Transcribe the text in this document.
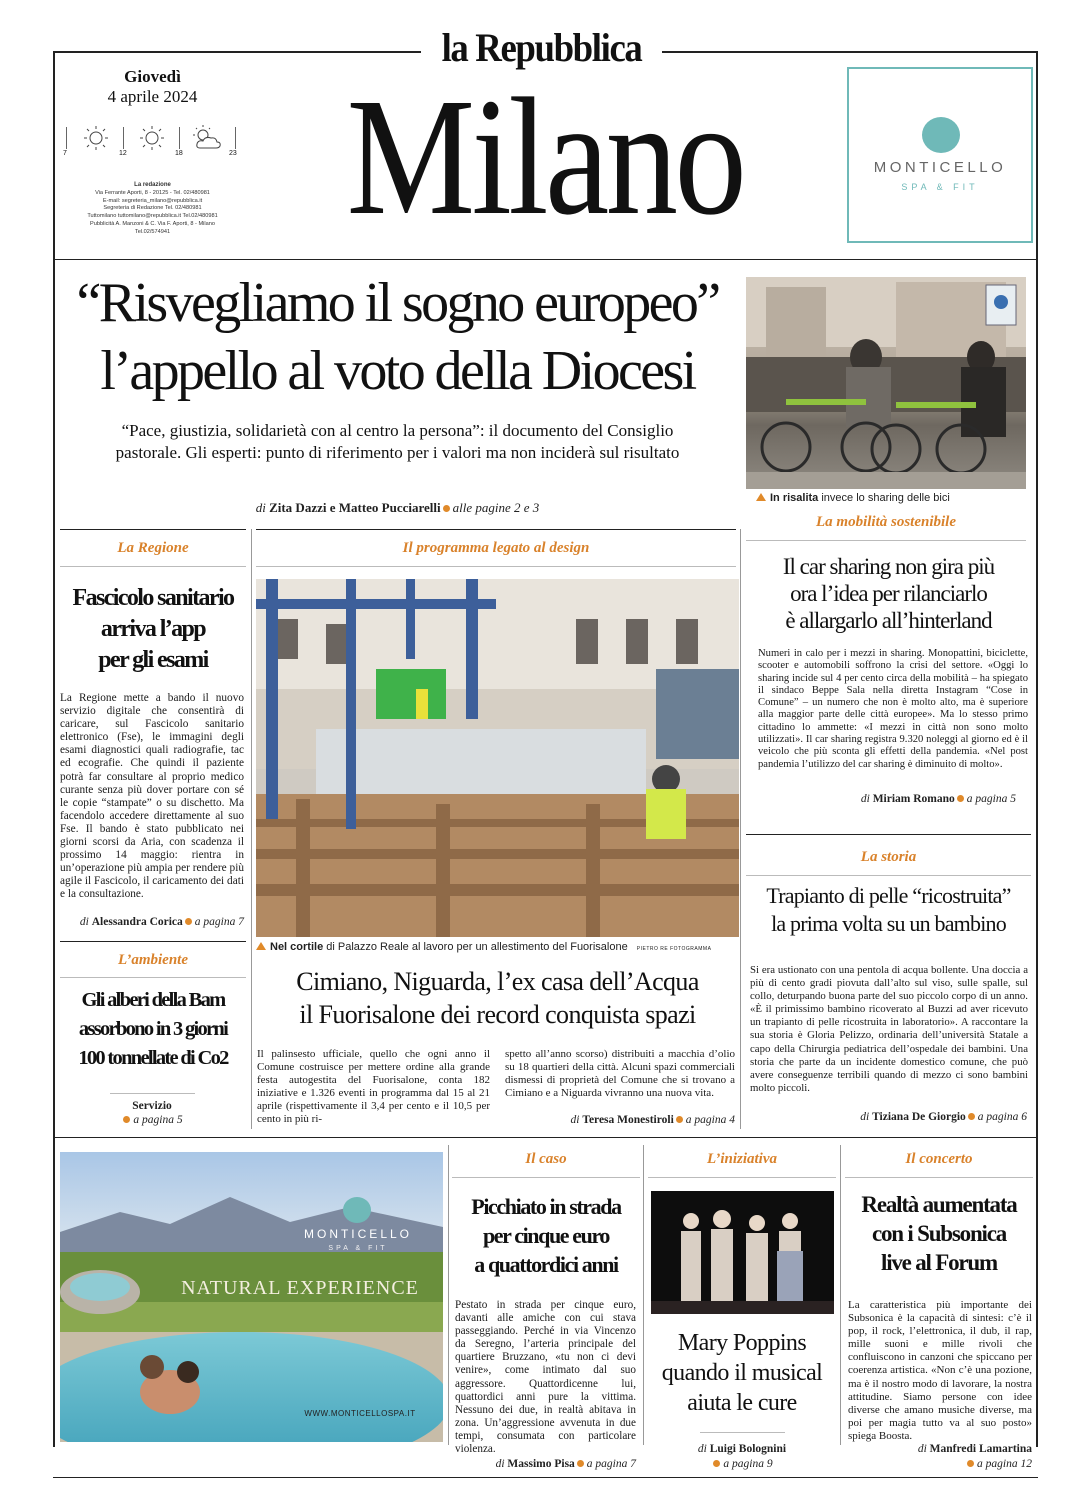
la Repubblica
Milano
Giovedì
4 aprile 2024
7	12	18	23
La redazione
Via Ferrante Aporti, 8 - 20125 - Tel. 02/480981
E-mail: segreteria_milano@repubblica.it
Segreteria di Redazione Tel. 02/480981
Tuttomilano tuttomilano@repubblica.it Tel.02/480981
Pubblicità A. Manzoni & C. Via F. Aporti, 8 - Milano
Tel.02/574941
MONTICELLO
SPA & FIT
“Risvegliamo il sogno europeo”
l’appello al voto della Diocesi
“Pace, giustizia, solidarietà con al centro la persona”: il documento del Consiglio
pastorale. Gli esperti: punto di riferimento per i valori ma non inciderà sul risultato
di Zita Dazzi e Matteo Pucciarelli alle pagine 2 e 3
In risalita invece lo sharing delle bici
La mobilità sostenibile
Il car sharing non gira più
ora l’idea per rilanciarlo
è allargarlo all’hinterland
Numeri in calo per i mezzi in sharing. Monopattini, biciclette, scooter e automobili soffrono la crisi del settore. «Oggi lo sharing incide sul 4 per cento circa della mobilità – ha spiegato il sindaco Beppe Sala nella diretta Instagram “Cose in Comune” – un numero che non è molto alto, ma è superiore alla maggior parte delle città europee». Ma lo stesso primo cittadino lo ammette: «I mezzi in città non sono molto utilizzati». Il car sharing registra 9.320 noleggi al giorno ed è il veicolo che più sconta gli effetti della pandemia. «Nel post pandemia l’utilizzo del car sharing è diminuito di molto».
di Miriam Romano a pagina 5
La Regione
Fascicolo sanitario
arriva l’app
per gli esami
La Regione mette a bando il nuovo servizio digitale che consentirà di caricare, sul Fascicolo sanitario elettronico (Fse), le immagini degli esami diagnostici quali radiografie, tac ed ecografie. Che quindi il paziente potrà far consultare al proprio medico curante senza più dover portare con sé le copie “stampate” o su dischetto. Ma facendolo accedere direttamente al suo Fse. Il bando è stato pubblicato nei giorni scorsi da Aria, con scadenza il prossimo 14 maggio: rientra in un’operazione più ampia per rendere più agile il Fascicolo, il caricamento dei dati e la consultazione.
di Alessandra Corica a pagina 7
L’ambiente
Gli alberi della Bam
assorbono in 3 giorni
100 tonnellate di Co2
Servizio
a pagina 5
Il programma legato al design
Nel cortile di Palazzo Reale al lavoro per un allestimento del Fuorisalone PIETRO RE FOTOGRAMMA
Cimiano, Niguarda, l’ex casa dell’Acqua
il Fuorisalone dei record conquista spazi
Il palinsesto ufficiale, quello che ogni anno il Comune costruisce per mettere ordine alla grande festa autogestita del Fuorisalone, conta 182 iniziative e 1.326 eventi in programma dal 15 al 21 aprile (rispettivamente il 3,4 per cento e il 10,5 per cento in più ri-
spetto all’anno scorso) distribuiti a macchia d’olio su 18 quartieri della città. Alcuni spazi commerciali dismessi di proprietà del Comune che si trovano a Cimiano e a Niguarda vivranno una nuova vita.
di Teresa Monestiroli a pagina 4
La storia
Trapianto di pelle “ricostruita”
la prima volta su un bambino
Si era ustionato con una pentola di acqua bollente. Una doccia a più di cento gradi piovuta dall’alto sul viso, sulle spalle, sul collo, deturpando buona parte del suo piccolo corpo di un anno. «È il primissimo bambino ricoverato al Buzzi ad aver ricevuto un trapianto di pelle ricostruita in laboratorio». A raccontare la sua storia è Gloria Pelizzo, ordinaria dell’università Statale a capo della Chirurgia pediatrica dell’ospedale dei bambini. Una storia che parte da un incidente domestico comune, che può avere conseguenze terribili quando di mezzo ci sono bambini molto piccoli.
di Tiziana De Giorgio a pagina 6
MONTICELLO
SPA & FIT
NATURAL EXPERIENCE
WWW.MONTICELLOSPA.IT
Il caso
Picchiato in strada
per cinque euro
a quattordici anni
Pestato in strada per cinque euro, davanti alle amiche con cui stava passeggiando. Perché in via Vincenzo da Seregno, l’arteria principale del quartiere Bruzzano, «tu non ci devi venire», come intimato dal suo aggressore. Quattordicenne lui, quattordici anni pure la vittima. Nessuno dei due, in realtà abitava in zona. Un’aggressione avvenuta in due tempi, consumata con particolare violenza.
di Massimo Pisa a pagina 7
L’iniziativa
Mary Poppins
quando il musical
aiuta le cure
di Luigi Bolognini
a pagina 9
Il concerto
Realtà aumentata
con i Subsonica
live al Forum
La caratteristica più importante dei Subsonica è la capacità di sintesi: c’è il pop, il rock, l’elettronica, il dub, il rap, mille suoni e mille rivoli che confluiscono in canzoni che spiccano per coerenza artistica. «Non c’è una pozione, ma è il nostro modo di lavorare, la nostra attitudine. Siamo persone con idee diverse che amano musiche diverse, ma poi per magia tutto va al suo posto» spiega Boosta.
di Manfredi Lamartina
a pagina 12
